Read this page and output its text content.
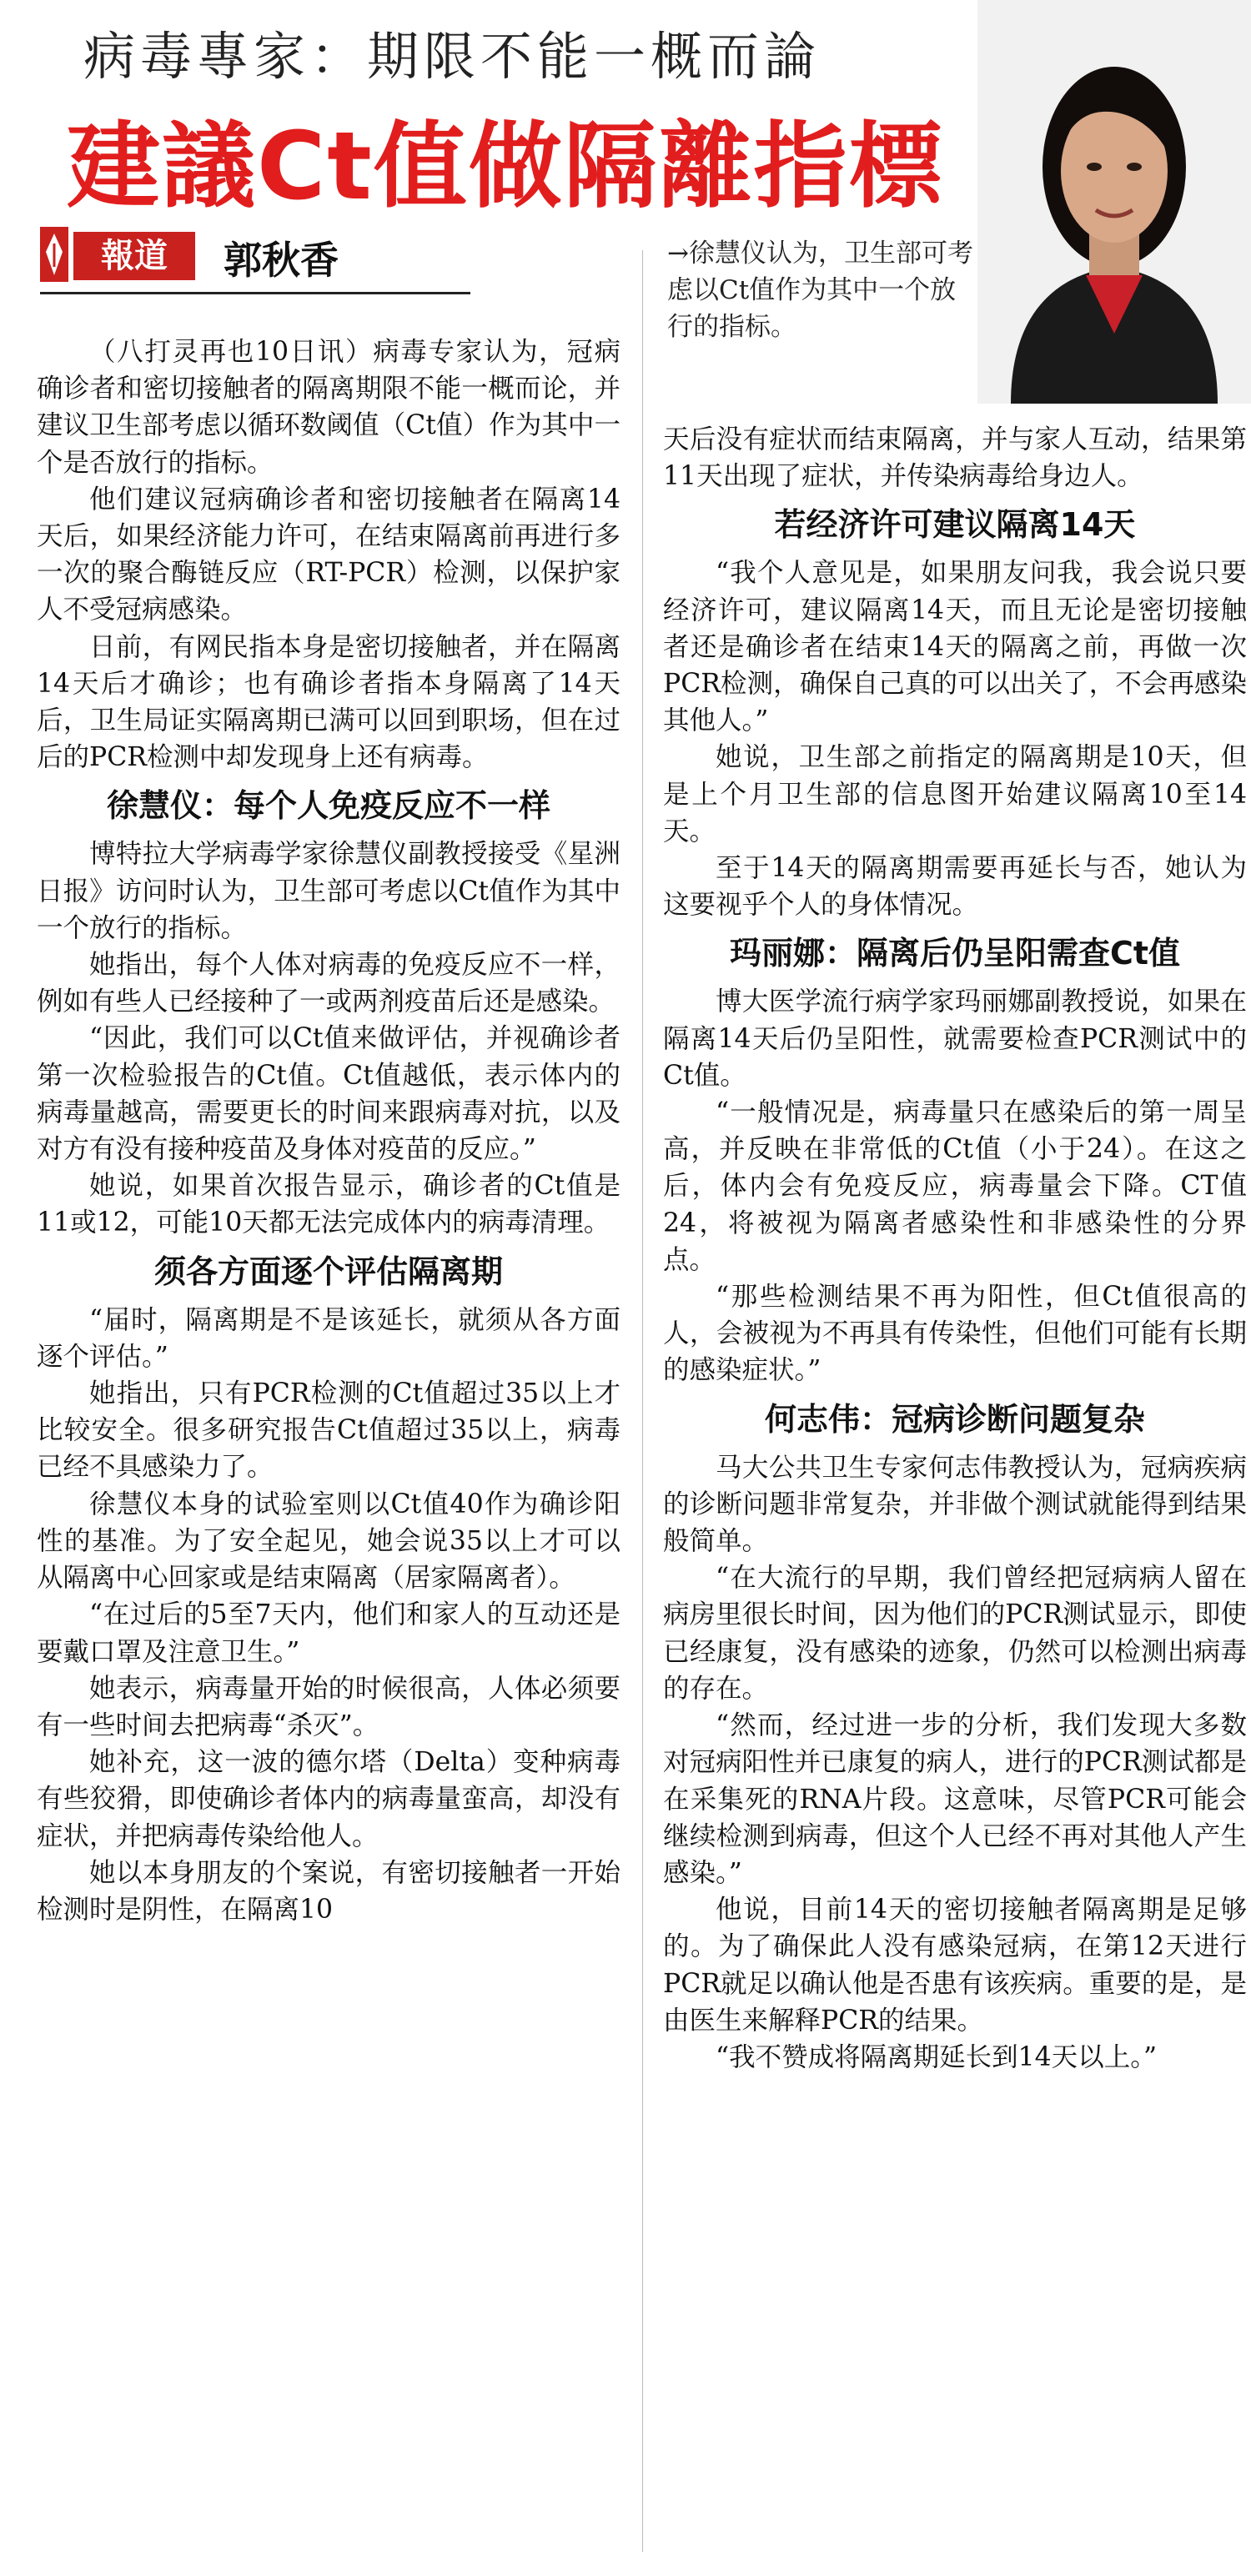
病毒專家：期限不能一概而論
建議Ct值做隔離指標
報道	郭秋香	→徐慧仪认为，卫生部可考虑以Ct值作为其中一个放行的指标。

（八打灵再也10日讯）病毒专家认为，冠病确诊者和密切接触者的隔离期限不能一概而论，并建议卫生部考虑以循环数阈值（Ct值）作为其中一个是否放行的指标。

他们建议冠病确诊者和密切接触者在隔离14天后，如果经济能力许可，在结束隔离前再进行多一次的聚合酶链反应（RT-PCR）检测，以保护家人不受冠病感染。

日前，有网民指本身是密切接触者，并在隔离14天后才确诊；也有确诊者指本身隔离了14天后，卫生局证实隔离期已满可以回到职场，但在过后的PCR检测中却发现身上还有病毒。

徐慧仪：每个人免疫反应不一样

博特拉大学病毒学家徐慧仪副教授接受《星洲日报》访问时认为，卫生部可考虑以Ct值作为其中一个放行的指标。

她指出，每个人体对病毒的免疫反应不一样，例如有些人已经接种了一或两剂疫苗后还是感染。

“因此，我们可以Ct值来做评估，并视确诊者第一次检验报告的Ct值。Ct值越低，表示体内的病毒量越高，需要更长的时间来跟病毒对抗，以及对方有没有接种疫苗及身体对疫苗的反应。”

她说，如果首次报告显示，确诊者的Ct值是11或12，可能10天都无法完成体内的病毒清理。

须各方面逐个评估隔离期

“届时，隔离期是不是该延长，就须从各方面逐个评估。”

她指出，只有PCR检测的Ct值超过35以上才比较安全。很多研究报告Ct值超过35以上，病毒已经不具感染力了。

徐慧仪本身的试验室则以Ct值40作为确诊阳性的基准。为了安全起见，她会说35以上才可以从隔离中心回家或是结束隔离（居家隔离者）。

“在过后的5至7天内，他们和家人的互动还是要戴口罩及注意卫生。”

她表示，病毒量开始的时候很高，人体必须要有一些时间去把病毒“杀灭”。

她补充，这一波的德尔塔（Delta）变种病毒有些狡猾，即使确诊者体内的病毒量蛮高，却没有症状，并把病毒传染给他人。

她以本身朋友的个案说，有密切接触者一开始检测时是阴性，在隔离10

天后没有症状而结束隔离，并与家人互动，结果第11天出现了症状，并传染病毒给身边人。

若经济许可建议隔离14天

“我个人意见是，如果朋友问我，我会说只要经济许可，建议隔离14天，而且无论是密切接触者还是确诊者在结束14天的隔离之前，再做一次PCR检测，确保自己真的可以出关了，不会再感染其他人。”

她说，卫生部之前指定的隔离期是10天，但是上个月卫生部的信息图开始建议隔离10至14天。

至于14天的隔离期需要再延长与否，她认为这要视乎个人的身体情况。

玛丽娜：隔离后仍呈阳需查Ct值

博大医学流行病学家玛丽娜副教授说，如果在隔离14天后仍呈阳性，就需要检查PCR测试中的Ct值。

“一般情况是，病毒量只在感染后的第一周呈高，并反映在非常低的Ct值（小于24）。在这之后，体内会有免疫反应，病毒量会下降。CT值24，将被视为隔离者感染性和非感染性的分界点。

“那些检测结果不再为阳性，但Ct值很高的人，会被视为不再具有传染性，但他们可能有长期的感染症状。”

何志伟：冠病诊断问题复杂

马大公共卫生专家何志伟教授认为，冠病疾病的诊断问题非常复杂，并非做个测试就能得到结果般简单。

“在大流行的早期，我们曾经把冠病病人留在病房里很长时间，因为他们的PCR测试显示，即使已经康复，没有感染的迹象，仍然可以检测出病毒的存在。

“然而，经过进一步的分析，我们发现大多数对冠病阳性并已康复的病人，进行的PCR测试都是在采集死的RNA片段。这意味，尽管PCR可能会继续检测到病毒，但这个人已经不再对其他人产生感染。”

他说，目前14天的密切接触者隔离期是足够的。为了确保此人没有感染冠病，在第12天进行PCR就足以确认他是否患有该疾病。重要的是，是由医生来解释PCR的结果。

“我不赞成将隔离期延长到14天以上。”
